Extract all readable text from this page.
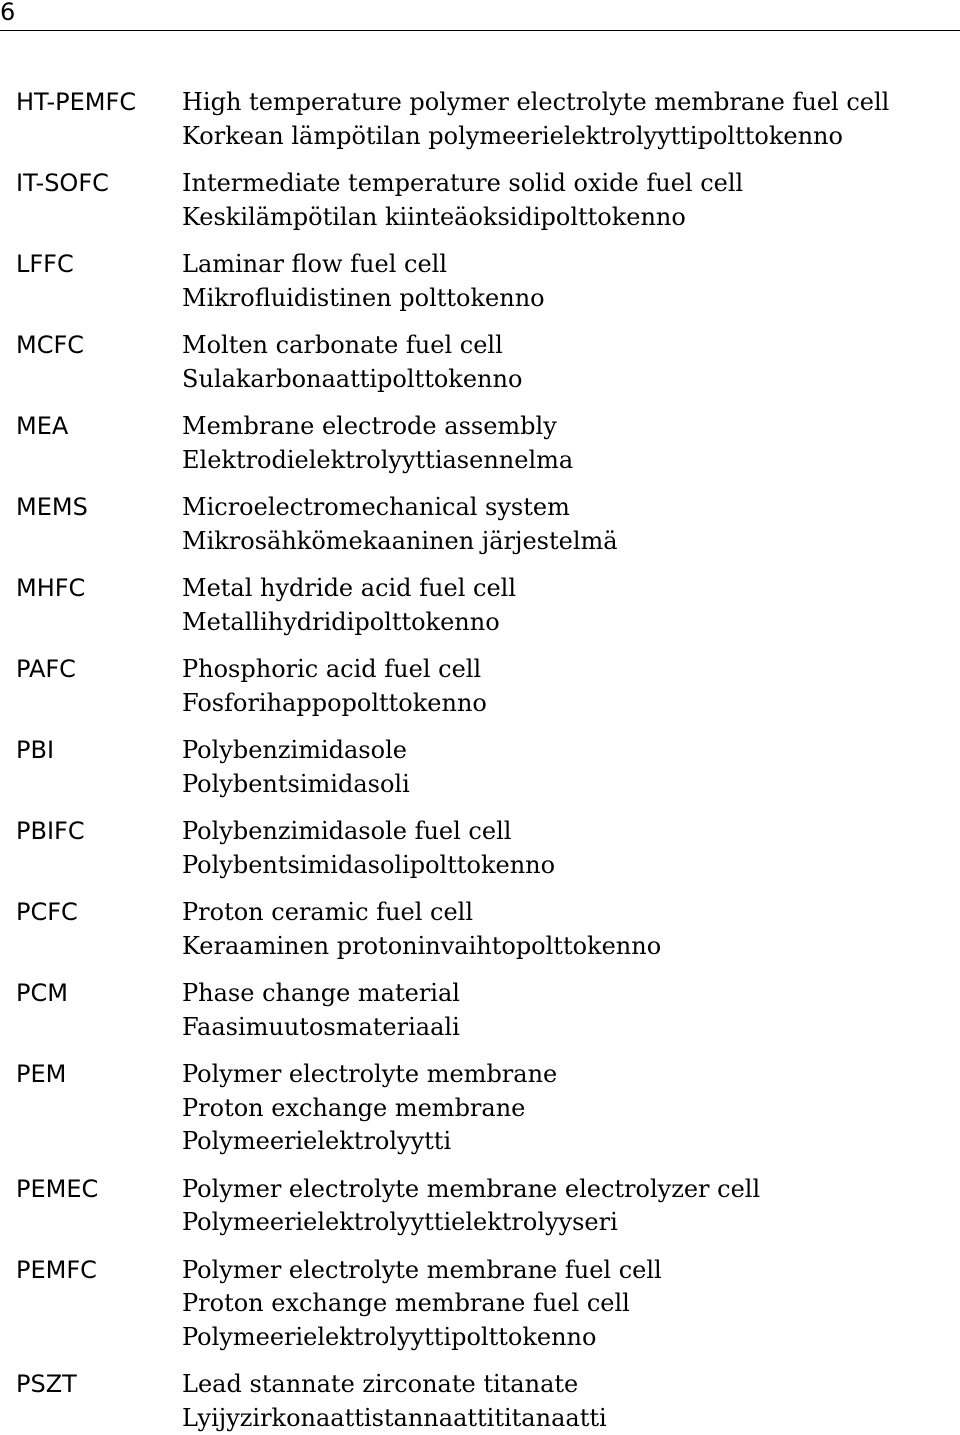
6
HT-PEMFC	High temperature polymer electrolyte membrane fuel cell
Korkean lämpötilan polymeerielektrolyyttipolttokenno
IT-SOFC	Intermediate temperature solid oxide fuel cell
Keskilämpötilan kiinteäoksidipolttokenno
LFFC	Laminar flow fuel cell
Mikrofluidistinen polttokenno
MCFC	Molten carbonate fuel cell
Sulakarbonaattipolttokenno
MEA	Membrane electrode assembly
Elektrodielektrolyyttiasennelma
MEMS	Microelectromechanical system
Mikrosähkömekaaninen järjestelmä
MHFC	Metal hydride acid fuel cell
Metallihydridipolttokenno
PAFC	Phosphoric acid fuel cell
Fosforihappopolttokenno
PBI	Polybenzimidasole
Polybentsimidasoli
PBIFC	Polybenzimidasole fuel cell
Polybentsimidasolipolttokenno
PCFC	Proton ceramic fuel cell
Keraaminen protoninvaihtopolttokenno
PCM	Phase change material
Faasimuutosmateriaali
PEM	Polymer electrolyte membrane
Proton exchange membrane
Polymeerielektrolyytti
PEMEC	Polymer electrolyte membrane electrolyzer cell
Polymeerielektrolyyttielektrolyyseri
PEMFC	Polymer electrolyte membrane fuel cell
Proton exchange membrane fuel cell
Polymeerielektrolyyttipolttokenno
PSZT	Lead stannate zirconate titanate
Lyijyzirkonaattistannaattititanaatti
